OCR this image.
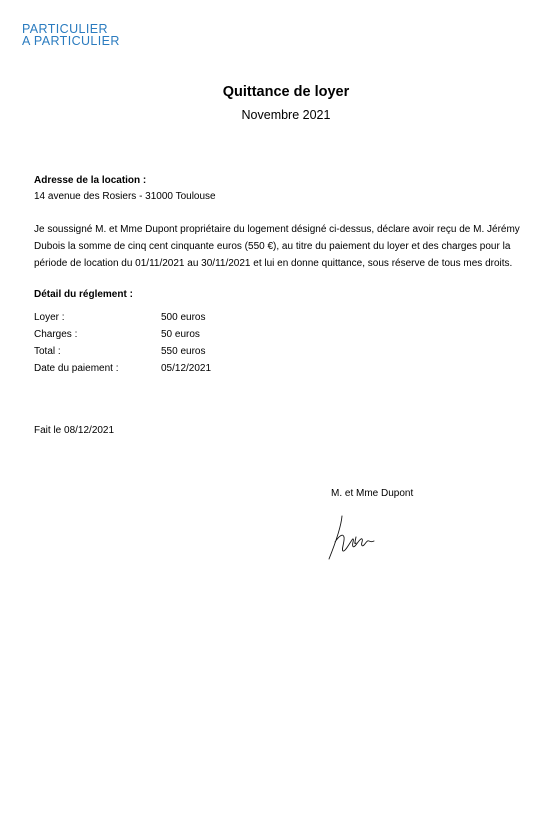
PARTICULIER
A PARTICULIER
Quittance de loyer
Novembre 2021
Adresse de la location :
14 avenue des Rosiers - 31000 Toulouse
Je soussigné M. et Mme Dupont propriétaire du logement désigné ci-dessus, déclare avoir reçu de M. Jérémy Dubois la somme de cinq cent cinquante euros (550 €), au titre du paiement du loyer et des charges pour la période de location du 01/11/2021 au 30/11/2021 et lui en donne quittance, sous réserve de tous mes droits.
Détail du réglement :
Loyer :	500 euros
Charges :	50 euros
Total :	550 euros
Date du paiement :	05/12/2021
Fait le 08/12/2021
M. et Mme Dupont
